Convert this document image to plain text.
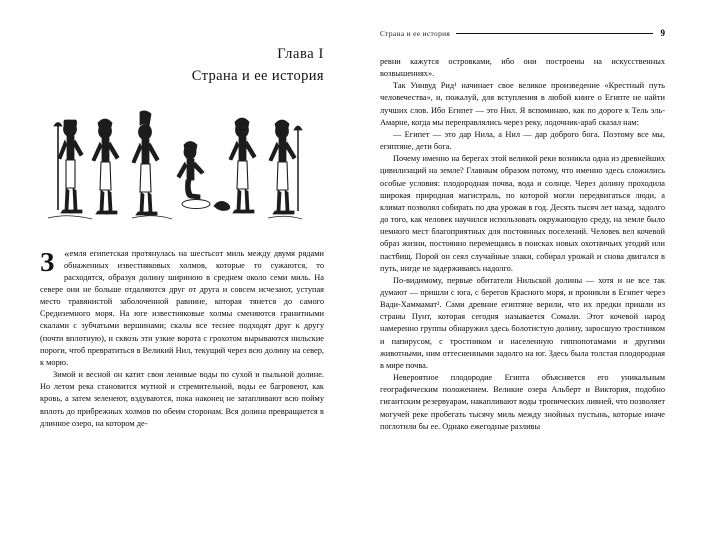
Глава I
Страна и ее история

«
З	емля египетская протянулась на шестьсот миль между двумя рядами обнаженных известняковых холмов, которые то сужаются, то расходятся, образуя долину шириною в среднем около семи миль. На севере они не больше отдаляются друг от друга и совсем исчезают, уступая место травянистой заболоченной равнине, которая тянется до самого Средиземного моря. На юге известняковые холмы сменяются гранитными скалами с зубчатыми вершинами; скалы все теснее подходят друг к другу (почти вплотную), и сквозь эти узкие ворота с грохотом вырываются нильские пороги, чтоб превратиться в Великий Нил, текущий через всю долину на север, к морю.

Зимой и весной он катит свои ленивые воды по сухой и пыльной долине. Но летом река становится мутной и стремительной, воды ее багровеют, как кровь, а затем зеленеют, вздуваются, пока наконец не затапливают всю пойму вплоть до прибрежных холмов по обеим сторонам. Вся долина превращается в длинное озеро, на котором де-

Страна и ее история	9

ревни кажутся островками, ибо они построены на искусственных возвышениях».

Так Уинвуд Рид¹ начинает свое великое произведение «Крестный путь человечества», и, пожалуй, для вступления в любой книге о Египте не найти лучших слов. Ибо Египет — это Нил. Я вспоминаю, как по дороге к Тель эль-Амарне, когда мы переправлялись через реку, лодочник-араб сказал нам:

— Египет — это дар Нила, а Нил — дар доброго бога. Поэтому все мы, египтяне, дети бога.

Почему именно на берегах этой великой реки возникла одна из древнейших цивилизаций на земле? Главным образом потому, что именно здесь сложились особые условия: плодородная почва, вода и солнце. Через долину проходила широкая природная магистраль, по которой могли передвигаться люди, а климат позволял собирать по два урожая в год. Десять тысяч лет назад, задолго до того, как человек научился использовать окружающую среду, на земле было немного мест благоприятных для постоянных поселений. Человек вел кочевой образ жизни, постоянно перемещаясь в поисках новых охотничьих угодий или пастбищ. Порой он сеял случайные злаки, собирал урожай и снова двигался в путь, нигде не задерживаясь надолго.

По-видимому, первые обитатели Нильской долины — хотя и не все так думают — пришли с юга, с берегов Красного моря, и проникли в Египет через Вади-Хаммамат². Сами древние египтяне верили, что их предки пришли из страны Пунт, которая сегодня называется Сомали. Этот кочевой народ намеренно группы обнаружил здесь болотистую долину, заросшую тростником и папирусом, с тростником и населенную гиппопотамами и другими животными, ним оттесненными задолго на юг. Здесь была толстая плодородная в мире почва.

Невероятное плодородие Египта объясняется его уникальным географическим положением. Великие озера Альберт и Виктория, подобно гигантским резервуарам, накапливают воды тропических ливней, что позволяет могучей реке пробегать тысячу миль между знойных пустынь, которые иначе поглотили бы ее. Однако ежегодные разливы
